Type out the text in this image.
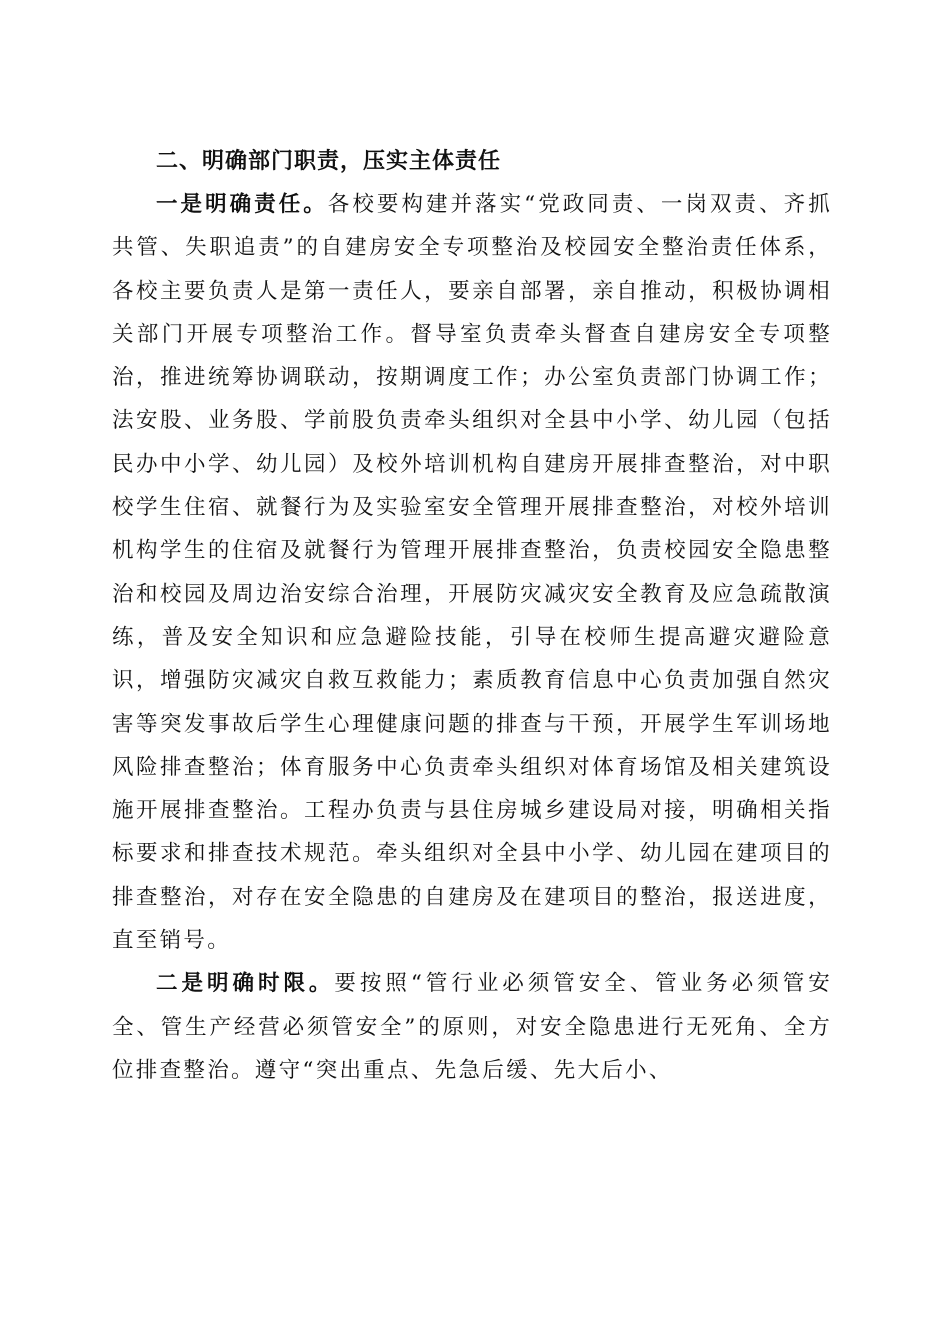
二、明确部门职责，压实主体责任

一是明确责任。各校要构建并落实“党政同责、一岗双责、齐抓共管、失职追责”的自建房安全专项整治及校园安全整治责任体系，各校主要负责人是第一责任人，要亲自部署，亲自推动，积极协调相关部门开展专项整治工作。督导室负责牵头督查自建房安全专项整治，推进统筹协调联动，按期调度工作；办公室负责部门协调工作；法安股、业务股、学前股负责牵头组织对全县中小学、幼儿园（包括民办中小学、幼儿园）及校外培训机构自建房开展排查整治，对中职校学生住宿、就餐行为及实验室安全管理开展排查整治，对校外培训机构学生的住宿及就餐行为管理开展排查整治，负责校园安全隐患整治和校园及周边治安综合治理，开展防灾减灾安全教育及应急疏散演练，普及安全知识和应急避险技能，引导在校师生提高避灾避险意识，增强防灾减灾自救互救能力；素质教育信息中心负责加强自然灾害等突发事故后学生心理健康问题的排查与干预，开展学生军训场地风险排查整治；体育服务中心负责牵头组织对体育场馆及相关建筑设施开展排查整治。工程办负责与县住房城乡建设局对接，明确相关指标要求和排查技术规范。牵头组织对全县中小学、幼儿园在建项目的排查整治，对存在安全隐患的自建房及在建项目的整治，报送进度，直至销号。

二是明确时限。要按照“管行业必须管安全、管业务必须管安全、管生产经营必须管安全”的原则，对安全隐患进行无死角、全方位排查整治。遵守“突出重点、先急后缓、先大后小、
